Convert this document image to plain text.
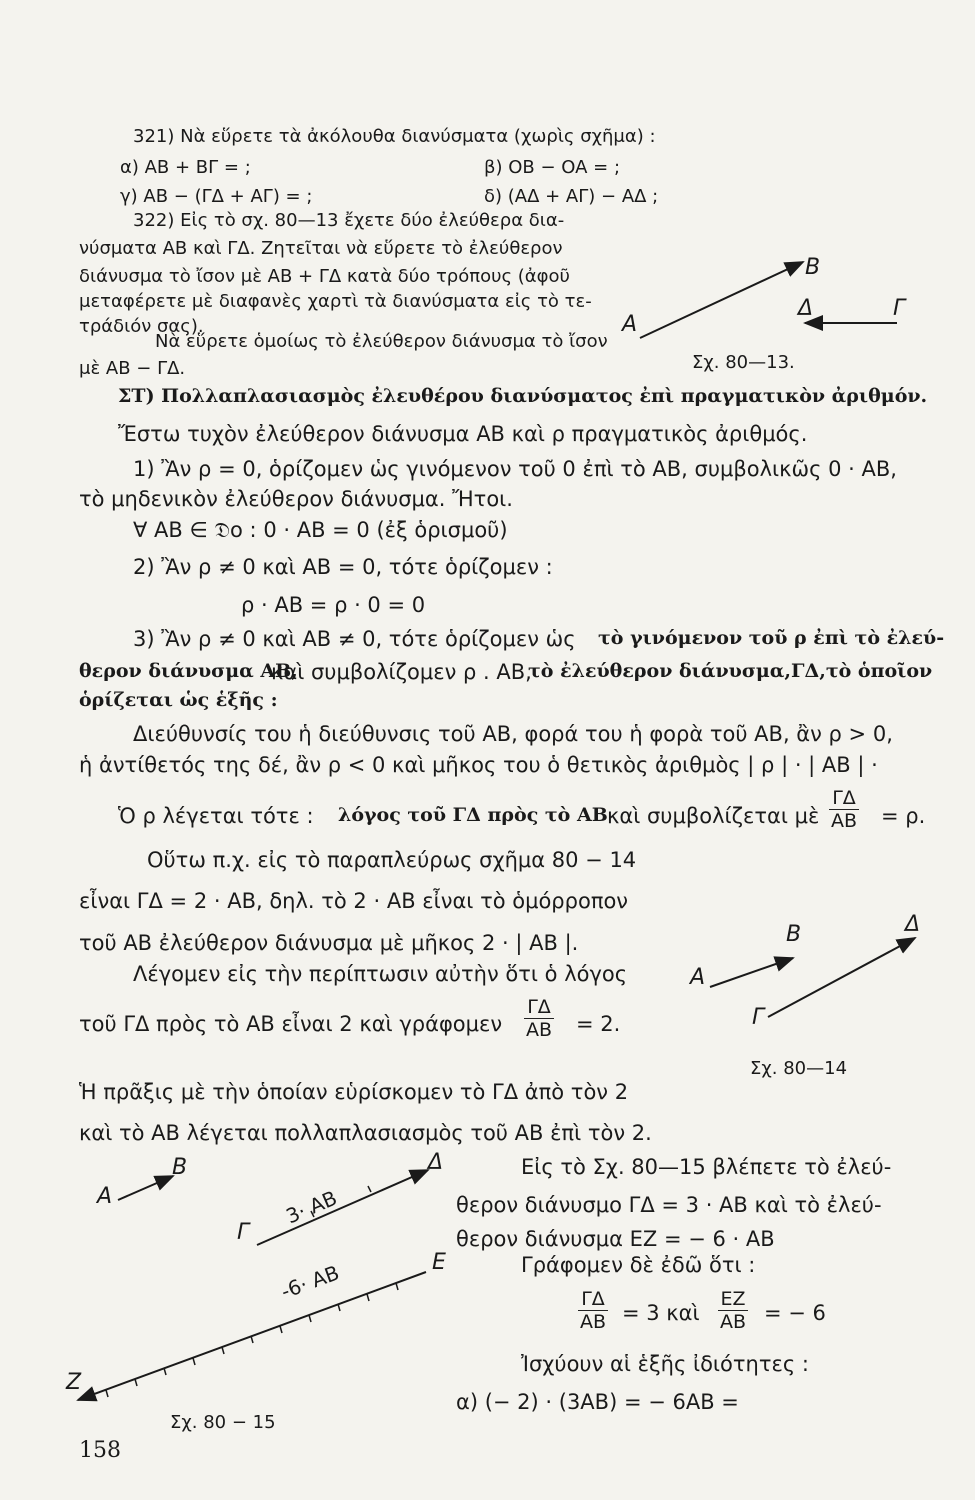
321) Νὰ εὕρετε τὰ ἀκόλουθα διανύσματα (χωρὶς σχῆμα) :
α) AB + BΓ = ;	β) OB − OA = ;
γ) AB − (ΓΔ + AΓ) = ;	δ) (AΔ + AΓ) − AΔ ;
322) Εἰς τὸ σχ. 80—13 ἔχετε δύο ἐλεύθερα δια-
νύσματα AB καὶ ΓΔ. Ζητεῖται νὰ εὕρετε τὸ ἐλεύθερον
διάνυσμα τὸ ἴσον μὲ AB + ΓΔ κατὰ δύο τρόπους (ἀφοῦ
μεταφέρετε μὲ διαφανὲς χαρτὶ τὰ διανύσματα εἰς τὸ τε-
τράδιόν σας).
Νὰ εὕρετε ὁμοίως τὸ ἐλεύθερον διάνυσμα τὸ ἴσον
μὲ AB − ΓΔ.
A
B
Δ	Γ
Σχ. 80—13.
ΣΤ) Πολλαπλασιασμὸς ἐλευθέρου διανύσματος ἐπὶ πραγματικὸν ἀριθμόν.
Ἔστω τυχὸν ἐλεύθερον διάνυσμα AB καὶ ρ πραγματικὸς ἀριθμός.
1) Ἂν ρ = 0, ὁρίζομεν ὡς γινόμενον τοῦ 0 ἐπὶ τὸ AB, συμβολικῶς 0 · AB,
τὸ μηδενικὸν ἐλεύθερον διάνυσμα. Ἤτοι.
∀ AB ∈ 𝔇o : 0 · AB = 0 (ἐξ ὁρισμοῦ)
2) Ἂν ρ ≠ 0 καὶ AB = 0, τότε ὁρίζομεν :
ρ · AB = ρ · 0 = 0
3) Ἂν ρ ≠ 0 καὶ AB ≠ 0, τότε ὁρίζομεν ὡς τὸ γινόμενον τοῦ ρ ἐπὶ τὸ ἐλεύ-
θερον διάνυσμα AB,
καὶ συμβολίζομεν ρ . AB,
τὸ ἐλεύθερον διάνυσμα,ΓΔ,τὸ ὁποῖον
ὁρίζεται ὡς ἑξῆς :
Διεύθυνσίς του ἡ διεύθυνσις τοῦ AB, φορά του ἡ φορὰ τοῦ AB, ἂν ρ > 0,
ἡ ἀντίθετός της δέ, ἂν ρ < 0 καὶ μῆκος του ὁ θετικὸς ἀριθμὸς | ρ | · | AB | ·
Ὁ ρ λέγεται τότε : λόγος τοῦ ΓΔ πρὸς τὸ AB καὶ συμβολίζεται μὲ $\frac{\Gamma\Delta}{AB} = \rho$.
Οὕτω π.χ. εἰς τὸ παραπλεύρως σχῆμα 80 − 14
εἶναι ΓΔ = 2 · AB, δηλ. τὸ 2 · AB εἶναι τὸ ὁμόρροπον
τοῦ AB ἐλεύθερον διάνυσμα μὲ μῆκος 2 · | AB |.
Λέγομεν εἰς τὴν περίπτωσιν αὐτὴν ὅτι ὁ λόγος
τοῦ ΓΔ πρὸς τὸ AB εἶναι 2 καὶ γράφομεν $\frac{\Gamma\Delta}{AB} = 2$.
B	Δ
A
Γ
Σχ. 80—14
Ἡ πρᾶξις μὲ τὴν ὁποίαν εὑρίσκομεν τὸ ΓΔ ἀπὸ τὸν 2
καὶ τὸ AB λέγεται πολλαπλασιασμὸς τοῦ AB ἐπὶ τὸν 2.
B	Δ
A
Γ
E
Z
3· AB
-6· AB
Σχ. 80 − 15
Εἰς τὸ Σχ. 80—15 βλέπετε τὸ ἐλεύ-
θερον διάνυσμο ΓΔ = 3 · AB καὶ τὸ ἐλεύ-
θερον διάνυσμα EZ = − 6 · AB
Γράφομεν δὲ ἐδῶ ὅτι :
$\frac{\Gamma\Delta}{AB} = 3$ καὶ $\frac{EZ}{AB}$ = − 6
Ἰσχύουν αἱ ἑξῆς ἰδιότητες :
α) (− 2) · (3AB) = − 6AB =
158
